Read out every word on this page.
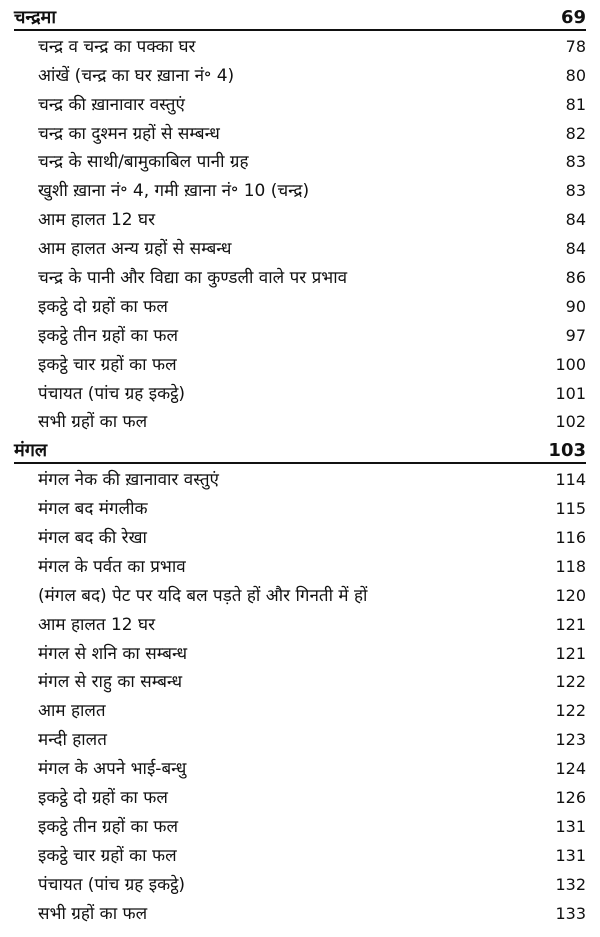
चन्द्रमा	69
चन्द्र व चन्द्र का पक्का घर	78
आंखें (चन्द्र का घर ख़ाना नं॰ 4)	80
चन्द्र की ख़ानावार वस्तुएं	81
चन्द्र का दुश्मन ग्रहों से सम्बन्ध	82
चन्द्र के साथी/बामुकाबिल पानी ग्रह	83
खुशी ख़ाना नं॰ 4, गमी ख़ाना नं॰ 10 (चन्द्र)	83
आम हालत 12 घर	84
आम हालत अन्य ग्रहों से सम्बन्ध	84
चन्द्र के पानी और विद्या का कुण्डली वाले पर प्रभाव	86
इकट्ठे दो ग्रहों का फल	90
इकट्ठे तीन ग्रहों का फल	97
इकट्ठे चार ग्रहों का फल	100
पंचायत (पांच ग्रह इकट्ठे)	101
सभी ग्रहों का फल	102
मंगल	103
मंगल नेक की ख़ानावार वस्तुएं	114
मंगल बद मंगलीक	115
मंगल बद की रेखा	116
मंगल के पर्वत का प्रभाव	118
(मंगल बद) पेट पर यदि बल पड़ते हों और गिनती में हों	120
आम हालत 12 घर	121
मंगल से शनि का सम्बन्ध	121
मंगल से राहु का सम्बन्ध	122
आम हालत	122
मन्दी हालत	123
मंगल के अपने भाई-बन्धु	124
इकट्ठे दो ग्रहों का फल	126
इकट्ठे तीन ग्रहों का फल	131
इकट्ठे चार ग्रहों का फल	131
पंचायत (पांच ग्रह इकट्ठे)	132
सभी ग्रहों का फल	133
